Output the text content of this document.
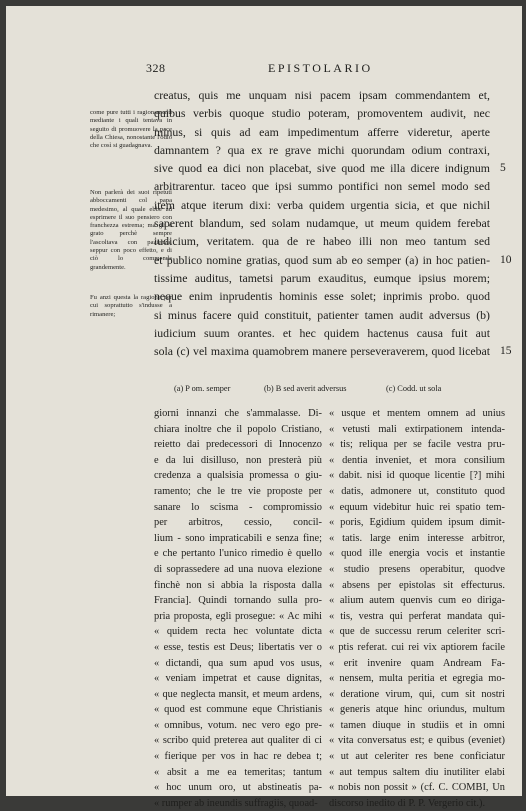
328	EPISTOLARIO

come pure tutti i ragionamenti mediante i quali tentava in seguito di promuovere la pace della Chiesa, nonostante l'odio che così si guadagnava.

Non parlerà dei suoi ripetuti abboccamenti col papa medesimo, al quale ebbe ad esprimere il suo pensiero con franchezza estrema; ma gli è grato perchè sempre l'ascoltava con pazienza, seppur con poco effetto, e di ciò lo commenda grandemente.

Fu anzi questa la ragione per cui soprattutto s'indusse a rimanere;

creatus, quis me unquam nisi pacem ipsam commendantem et,
quibus verbis quoque studio poteram, promoventem audivit, nec
minus, si quis ad eam impedimentum afferre videretur, aperte
damnantem ? qua ex re grave michi quorundam odium contraxi,
sive quod ea dici non placebat, sive quod me illa dicere indignum
arbitrarentur. taceo que ipsi summo pontifici non semel modo sed
item atque iterum dixi: verba quidem urgentia sicia, et que nichil
saperent blandum, sed solam nudamque, ut meum quidem ferebat
iudicium, veritatem. qua de re habeo illi non meo tantum sed
et publico nomine gratias, quod sum ab eo semper (a) in hoc patien-
tissime auditus, tametsi parum exauditus, eumque ipsius morem;
neque enim inprudentis hominis esse solet; inprimis probo. quod
si minus facere quid constituit, patienter tamen audit adversus (b)
iudicium suum orantes. et hec quidem hactenus causa fuit aut
sola (c) vel maxima quamobrem manere perseveraverem, quod licebat
5
10
15
(a) P om. semper	(b) B sed averit adversus	(c) Codd. ut sola
giorni innanzi che s'ammalasse. Di-
chiara inoltre che il popolo Cristiano,
reietto dai predecessori di Innocenzo
e da lui disilluso, non presterà più
credenza a qualsisia promessa o giu-
ramento; che le tre vie proposte per
sanare lo scisma - compromissio
per arbitros, cessio, concil-
lium - sono impraticabili e senza fine;
e che pertanto l'unico rimedio è quello
di soprassedere ad una nuova elezione
finchè non si abbia la risposta dalla
Francia]. Quindi tornando sulla pro-
pria proposta, egli prosegue: « Ac mihi
« quidem recta hec voluntate dicta
« esse, testis est Deus; libertatis ver o
« dictandi, qua sum apud vos usus,
« veniam impetrat et cause dignitas,
« que neglecta mansit, et meum ardens,
« quod est commune eque Christianis
« omnibus, votum. nec vero ego pre-
« scribo quid preterea aut qualiter di ci
« fierique per vos in hac re debea t;
« absit a me ea temeritas; tantum
« hoc unum oro, ut abstineatis pa-
« rumper ab ineundis suffragiis, quoad-
« usque et mentem omnem ad unius
« vetusti mali extirpationem intenda-
« tis; reliqua per se facile vestra pru-
« dentia inveniet, et mora consilium
« dabit. nisi id quoque licentie [?] mihi
« datis, admonere ut, constituto quod
« equum videbitur huic rei spatio tem-
« poris, Egidium quidem ipsum dimit-
« tatis. large enim interesse arbitror,
« quod ille energia vocis et instantie
« studio presens operabitur, quodve
« absens per epistolas sit effecturus.
« alium autem quenvis cum eo diriga-
« tis, vestra qui perferat mandata qui-
« que de successu rerum celeriter scri-
« ptis referat. cui rei vix aptiorem facile
« erit invenire quam Andream Fa-
« nensem, multa peritia et egregia mo-
« deratione virum, qui, cum sit nostri
« generis atque hinc oriundus, multum
« tamen diuque in studiis et in omni
« vita conversatus est; e quibus (eveniet)
« ut aut celeriter res bene conficiatur
« aut tempus saltem diu inutiliter elabi
« nobis non possit » (cf. C. COMBI, Un
discorso inedito di P. P. Vergerio cit.).
